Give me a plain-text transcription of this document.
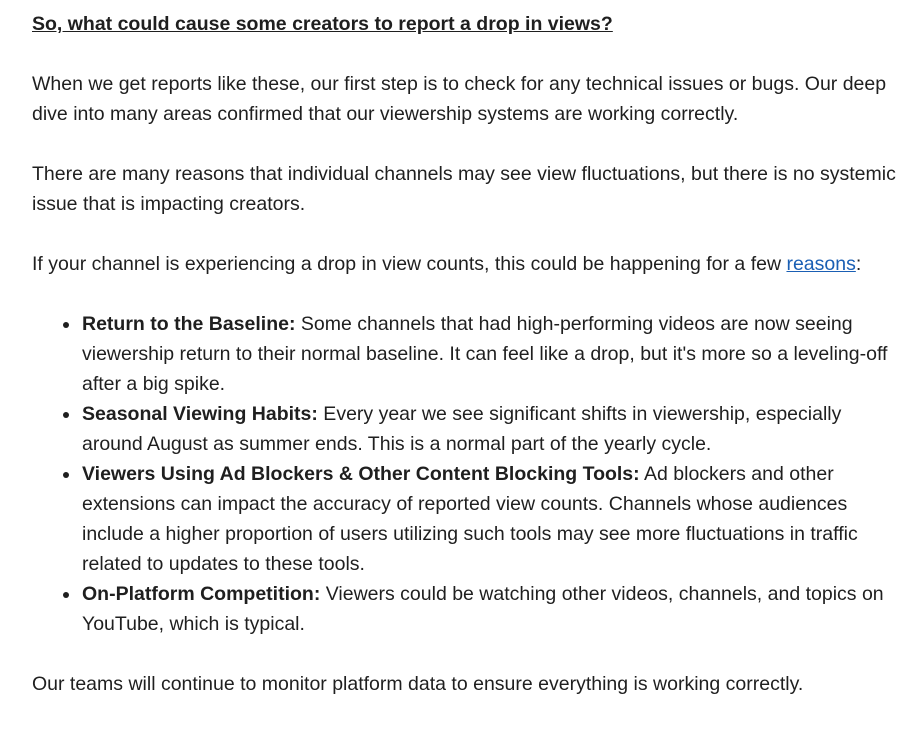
So, what could cause some creators to report a drop in views?

When we get reports like these, our first step is to check for any technical issues or bugs. Our deep dive into many areas confirmed that our viewership systems are working correctly.

There are many reasons that individual channels may see view fluctuations, but there is no systemic issue that is impacting creators.

If your channel is experiencing a drop in view counts, this could be happening for a few reasons:

Return to the Baseline: Some channels that had high-performing videos are now seeing viewership return to their normal baseline. It can feel like a drop, but it's more so a leveling-off after a big spike.
Seasonal Viewing Habits: Every year we see significant shifts in viewership, especially around August as summer ends. This is a normal part of the yearly cycle.
Viewers Using Ad Blockers & Other Content Blocking Tools: Ad blockers and other extensions can impact the accuracy of reported view counts. Channels whose audiences include a higher proportion of users utilizing such tools may see more fluctuations in traffic related to updates to these tools.
On-Platform Competition: Viewers could be watching other videos, channels, and topics on YouTube, which is typical.

Our teams will continue to monitor platform data to ensure everything is working correctly.
